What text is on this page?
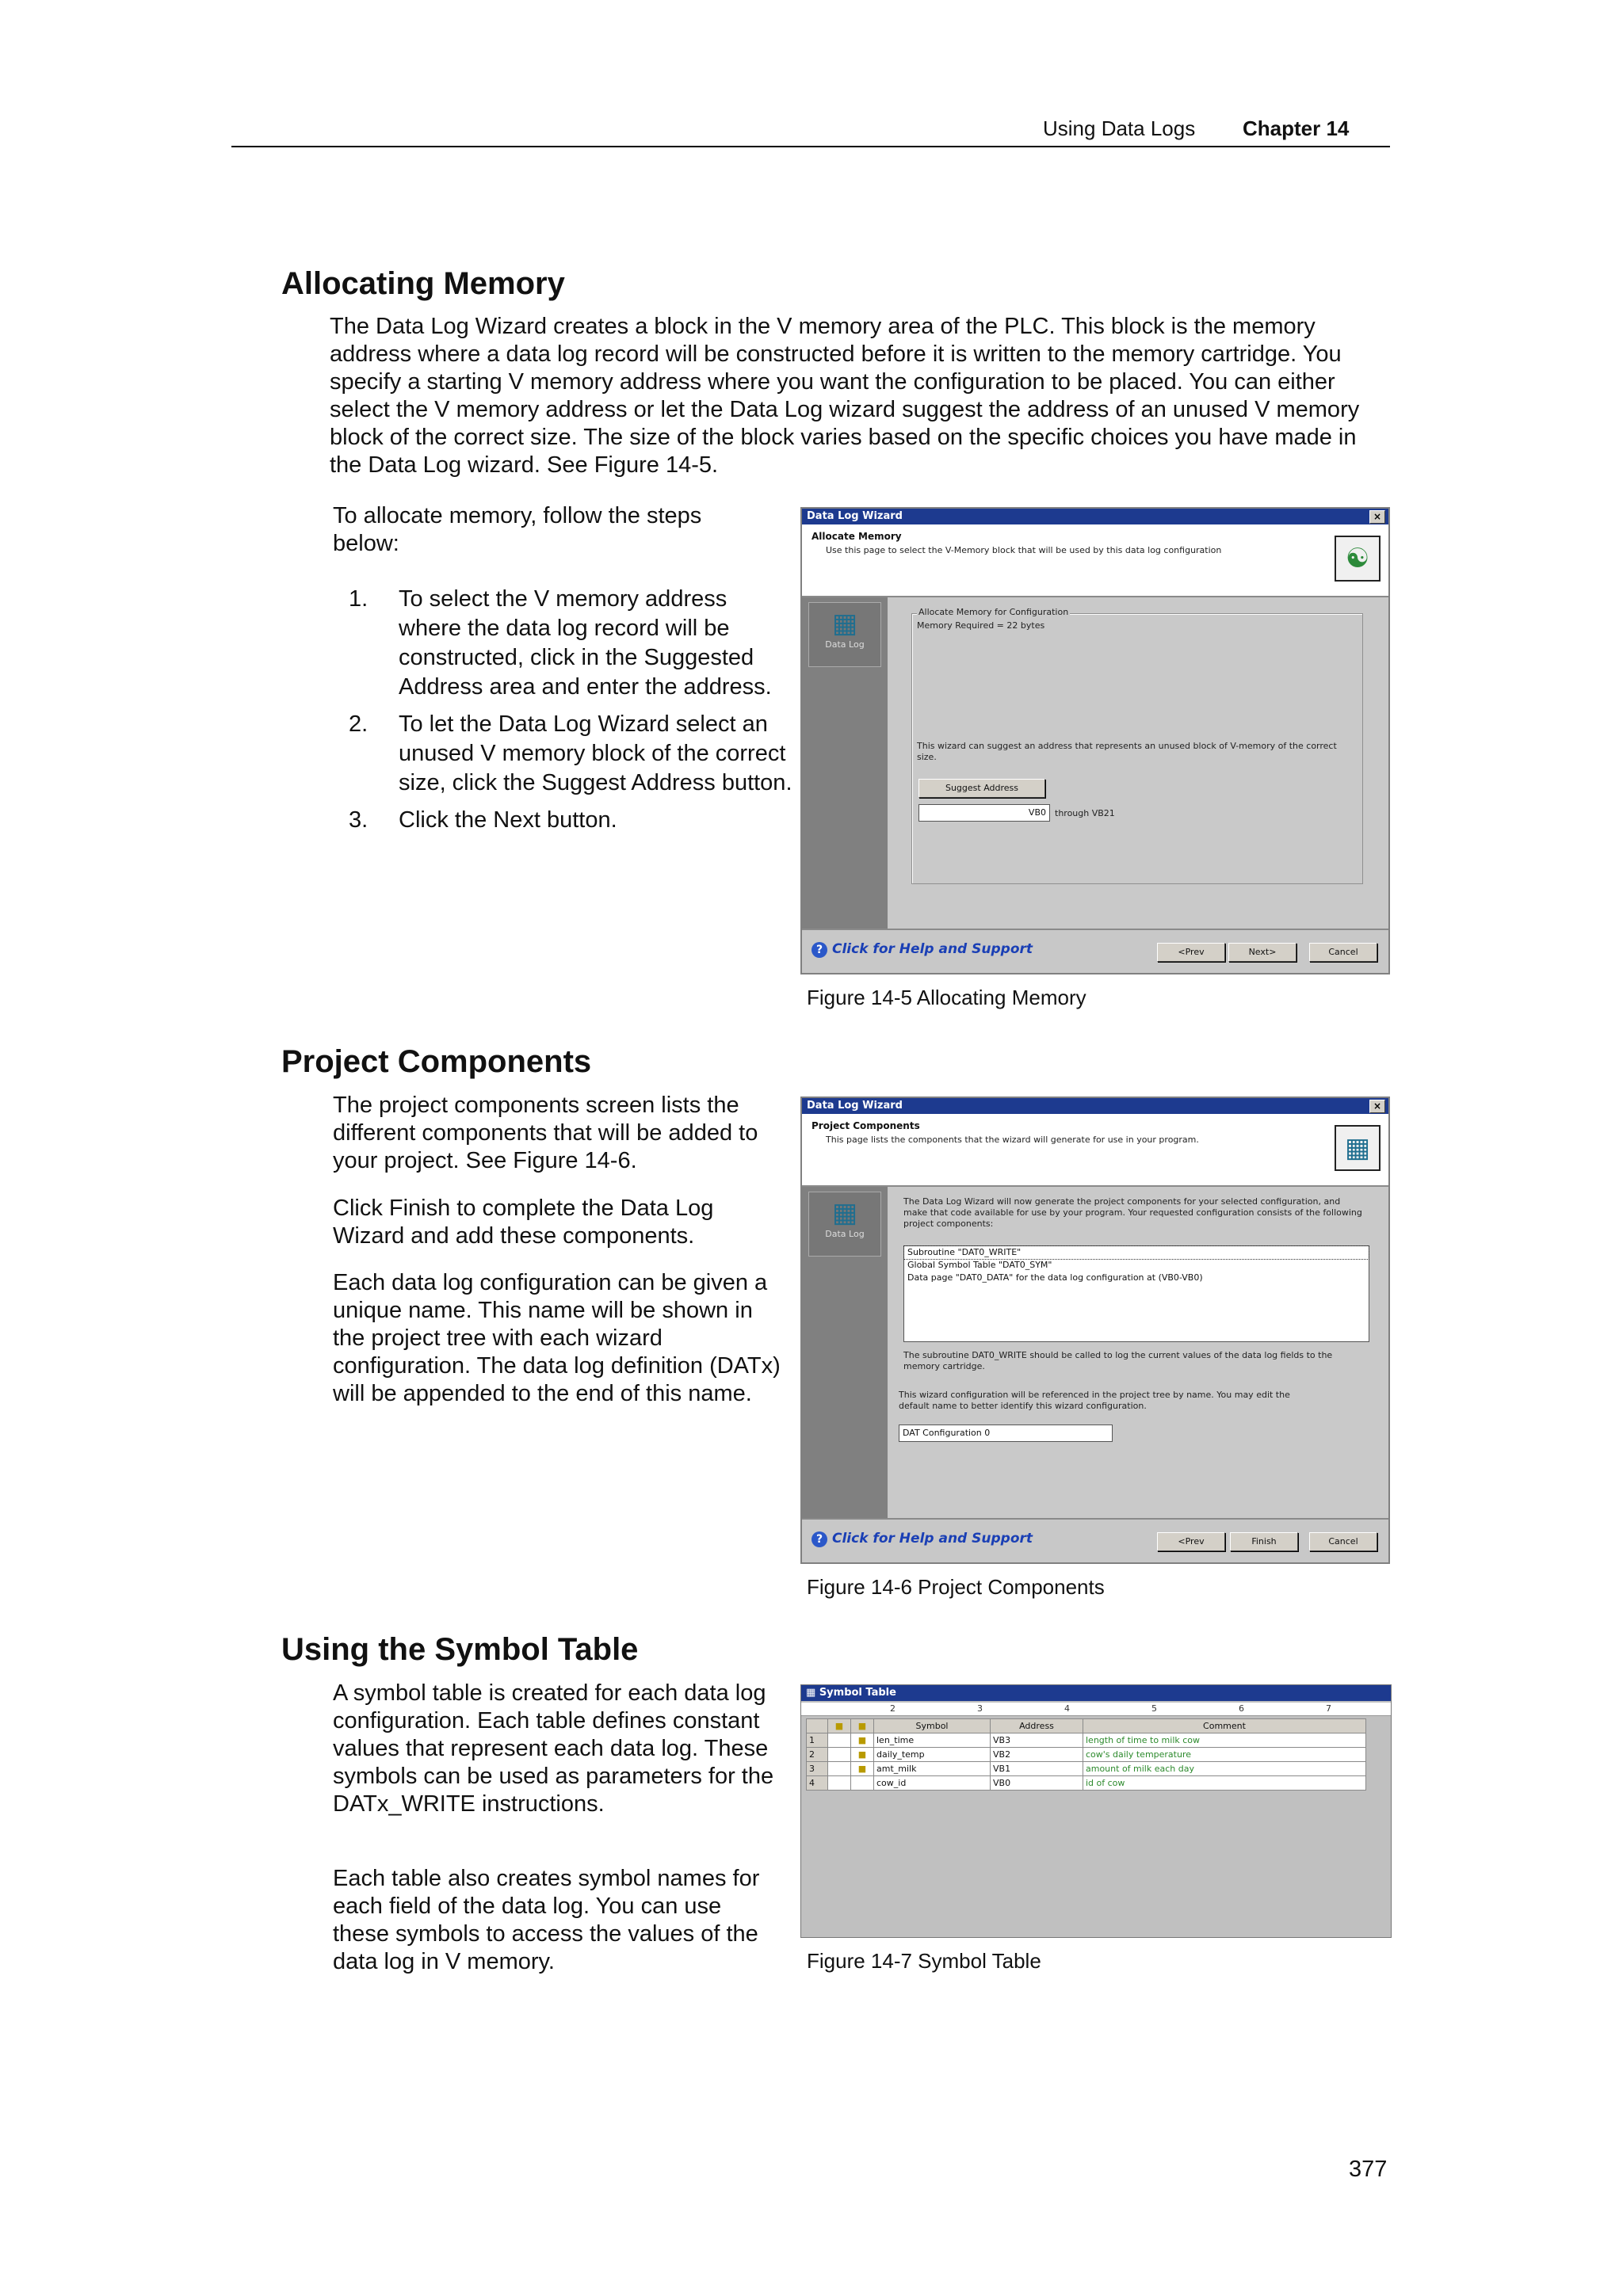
Using Data Logs Chapter 14
Allocating Memory

The Data Log Wizard creates a block in the V memory area of the PLC. This block is the memory address where a data log record will be constructed before it is written to the memory cartridge. You specify a starting V memory address where you want the configuration to be placed. You can either select the V memory address or let the Data Log wizard suggest the address of an unused V memory block of the correct size. The size of the block varies based on the specific choices you have made in the Data Log wizard. See Figure 14-5.

To allocate memory, follow the steps below:

1. To select the V memory address where the data log record will be constructed, click in the Suggested Address area and enter the address.
2. To let the Data Log Wizard select an unused V memory block of the correct size, click the Suggest Address button.
3. Click the Next button.
Data Log Wizard	×
Allocate Memory
Use this page to select the V-Memory block that will be used by this data log configuration	☯
▦
Data Log
Allocate Memory for Configuration
Memory Required = 22 bytes
This wizard can suggest an address that represents an unused block of V-memory of the correct size.
Suggest Address
VB0	through VB21
? Click for Help and Support	<Prev	Next>	Cancel
Figure 14-5 Allocating Memory
Project Components

The project components screen lists the different components that will be added to your project. See Figure 14-6.

Click Finish to complete the Data Log Wizard and add these components.

Each data log configuration can be given a unique name. This name will be shown in the project tree with each wizard configuration. The data log definition (DATx) will be appended to the end of this name.

Data Log Wizard	×
Project Components
This page lists the components that the wizard will generate for use in your program.	▦
▦
Data Log
The Data Log Wizard will now generate the project components for your selected configuration, and make that code available for use by your program. Your requested configuration consists of the following project components:
Subroutine "DAT0_WRITE"
Global Symbol Table "DAT0_SYM"
Data page "DAT0_DATA" for the data log configuration at (VB0-VB0)
The subroutine DAT0_WRITE should be called to log the current values of the data log fields to the memory cartridge.
This wizard configuration will be referenced in the project tree by name. You may edit the default name to better identify this wizard configuration.
DAT Configuration 0
? Click for Help and Support	<Prev	Finish	Cancel
Figure 14-6 Project Components
Using the Symbol Table

A symbol table is created for each data log configuration. Each table defines constant values that represent each data log. These symbols can be used as parameters for the DATx_WRITE instructions.

Each table also creates symbol names for each field of the data log. You can use these symbols to access the values of the data log in V memory.

▦ Symbol Table
2	3	4	5	6	7
	■	■	Symbol	Address	Comment
1		■	len_time	VB3	length of time to milk cow
2		■	daily_temp	VB2	cow's daily temperature
3		■	amt_milk	VB1	amount of milk each day
4			cow_id	VB0	id of cow
Figure 14-7 Symbol Table
377
